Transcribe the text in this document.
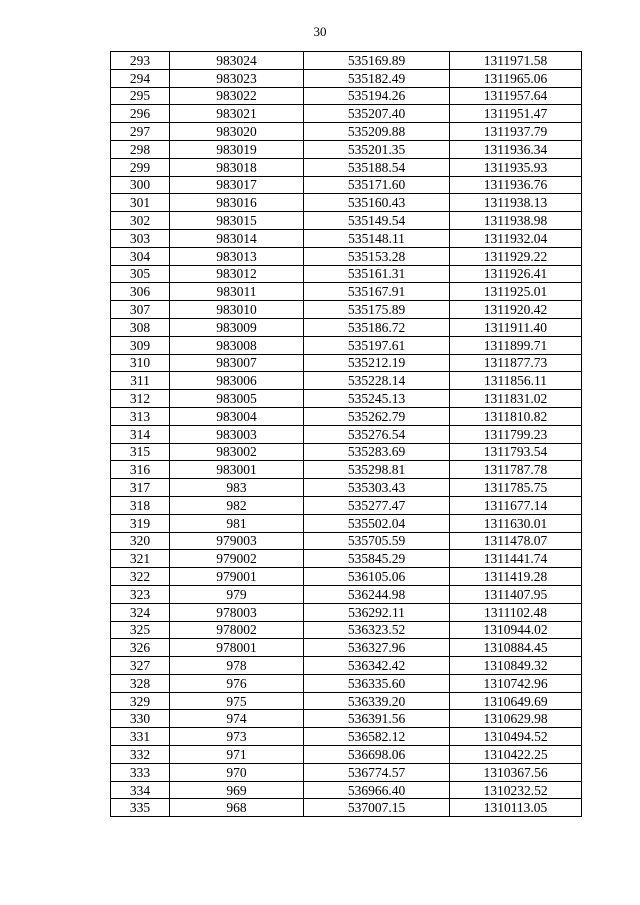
30
293	983024	535169.89	1311971.58
294	983023	535182.49	1311965.06
295	983022	535194.26	1311957.64
296	983021	535207.40	1311951.47
297	983020	535209.88	1311937.79
298	983019	535201.35	1311936.34
299	983018	535188.54	1311935.93
300	983017	535171.60	1311936.76
301	983016	535160.43	1311938.13
302	983015	535149.54	1311938.98
303	983014	535148.11	1311932.04
304	983013	535153.28	1311929.22
305	983012	535161.31	1311926.41
306	983011	535167.91	1311925.01
307	983010	535175.89	1311920.42
308	983009	535186.72	1311911.40
309	983008	535197.61	1311899.71
310	983007	535212.19	1311877.73
311	983006	535228.14	1311856.11
312	983005	535245.13	1311831.02
313	983004	535262.79	1311810.82
314	983003	535276.54	1311799.23
315	983002	535283.69	1311793.54
316	983001	535298.81	1311787.78
317	983	535303.43	1311785.75
318	982	535277.47	1311677.14
319	981	535502.04	1311630.01
320	979003	535705.59	1311478.07
321	979002	535845.29	1311441.74
322	979001	536105.06	1311419.28
323	979	536244.98	1311407.95
324	978003	536292.11	1311102.48
325	978002	536323.52	1310944.02
326	978001	536327.96	1310884.45
327	978	536342.42	1310849.32
328	976	536335.60	1310742.96
329	975	536339.20	1310649.69
330	974	536391.56	1310629.98
331	973	536582.12	1310494.52
332	971	536698.06	1310422.25
333	970	536774.57	1310367.56
334	969	536966.40	1310232.52
335	968	537007.15	1310113.05
